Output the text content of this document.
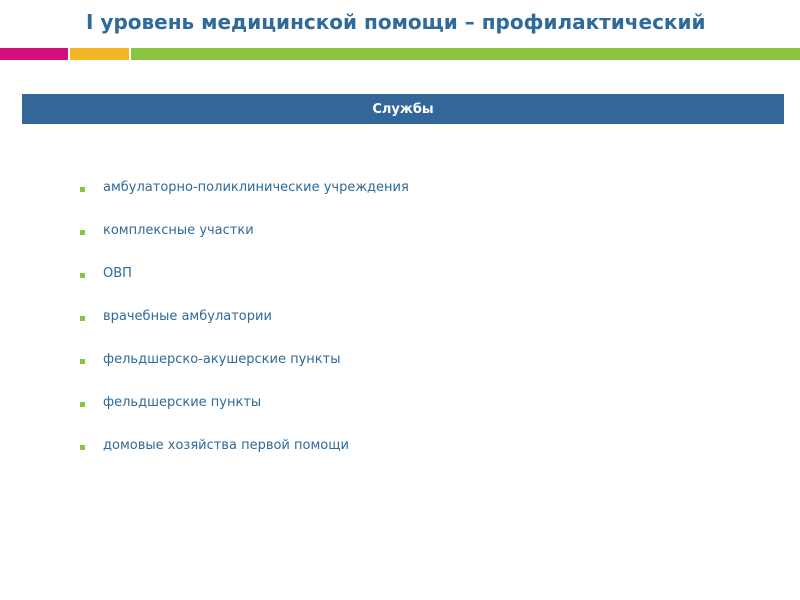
I уровень медицинской помощи – профилактический
Службы
амбулаторно-поликлинические учреждения
комплексные участки
ОВП
врачебные амбулатории
фельдшерско-акушерские пункты
фельдшерские пункты
домовые хозяйства первой помощи
